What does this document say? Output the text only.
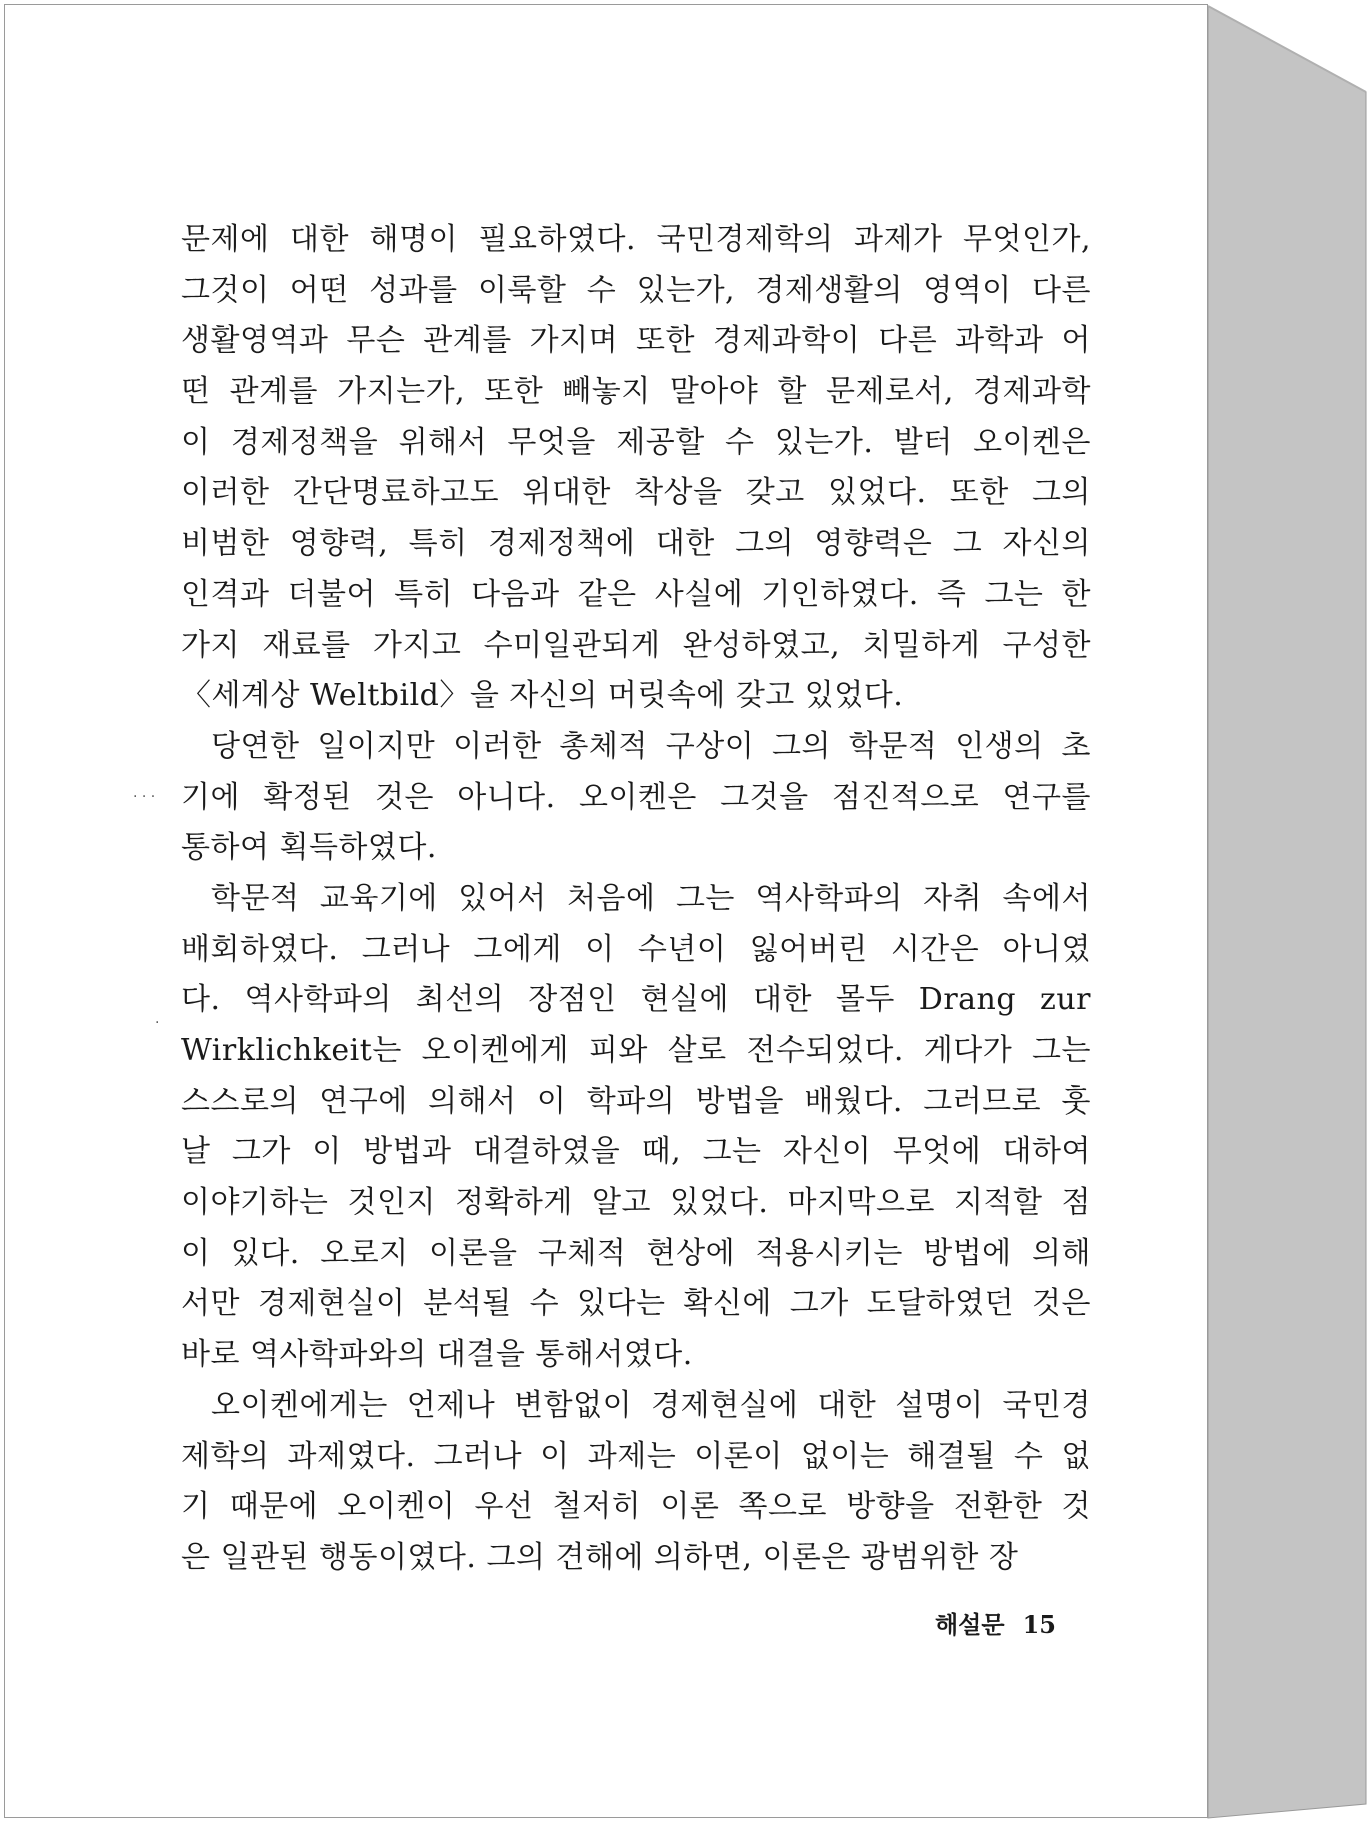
문제에 대한 해명이 필요하였다. 국민경제학의 과제가 무엇인가,
그것이 어떤 성과를 이룩할 수 있는가, 경제생활의 영역이 다른
생활영역과 무슨 관계를 가지며 또한 경제과학이 다른 과학과 어
떤 관계를 가지는가, 또한 빼놓지 말아야 할 문제로서, 경제과학
이 경제정책을 위해서 무엇을 제공할 수 있는가. 발터 오이켄은
이러한 간단명료하고도 위대한 착상을 갖고 있었다. 또한 그의
비범한 영향력, 특히 경제정책에 대한 그의 영향력은 그 자신의
인격과 더불어 특히 다음과 같은 사실에 기인하였다. 즉 그는 한
가지 재료를 가지고 수미일관되게 완성하였고, 치밀하게 구성한
〈세계상 Weltbild〉을 자신의 머릿속에 갖고 있었다.
당연한 일이지만 이러한 총체적 구상이 그의 학문적 인생의 초
기에 확정된 것은 아니다. 오이켄은 그것을 점진적으로 연구를
통하여 획득하였다.
학문적 교육기에 있어서 처음에 그는 역사학파의 자취 속에서
배회하였다. 그러나 그에게 이 수년이 잃어버린 시간은 아니였
다. 역사학파의 최선의 장점인 현실에 대한 몰두 Drang zur
Wirklichkeit는 오이켄에게 피와 살로 전수되었다. 게다가 그는
스스로의 연구에 의해서 이 학파의 방법을 배웠다. 그러므로 훗
날 그가 이 방법과 대결하였을 때, 그는 자신이 무엇에 대하여
이야기하는 것인지 정확하게 알고 있었다. 마지막으로 지적할 점
이 있다. 오로지 이론을 구체적 현상에 적용시키는 방법에 의해
서만 경제현실이 분석될 수 있다는 확신에 그가 도달하였던 것은
바로 역사학파와의 대결을 통해서였다.
오이켄에게는 언제나 변함없이 경제현실에 대한 설명이 국민경
제학의 과제였다. 그러나 이 과제는 이론이 없이는 해결될 수 없
기 때문에 오이켄이 우선 철저히 이론 쪽으로 방향을 전환한 것
은 일관된 행동이였다. 그의 견해에 의하면, 이론은 광범위한 장
· · ·
·
해설문 15
